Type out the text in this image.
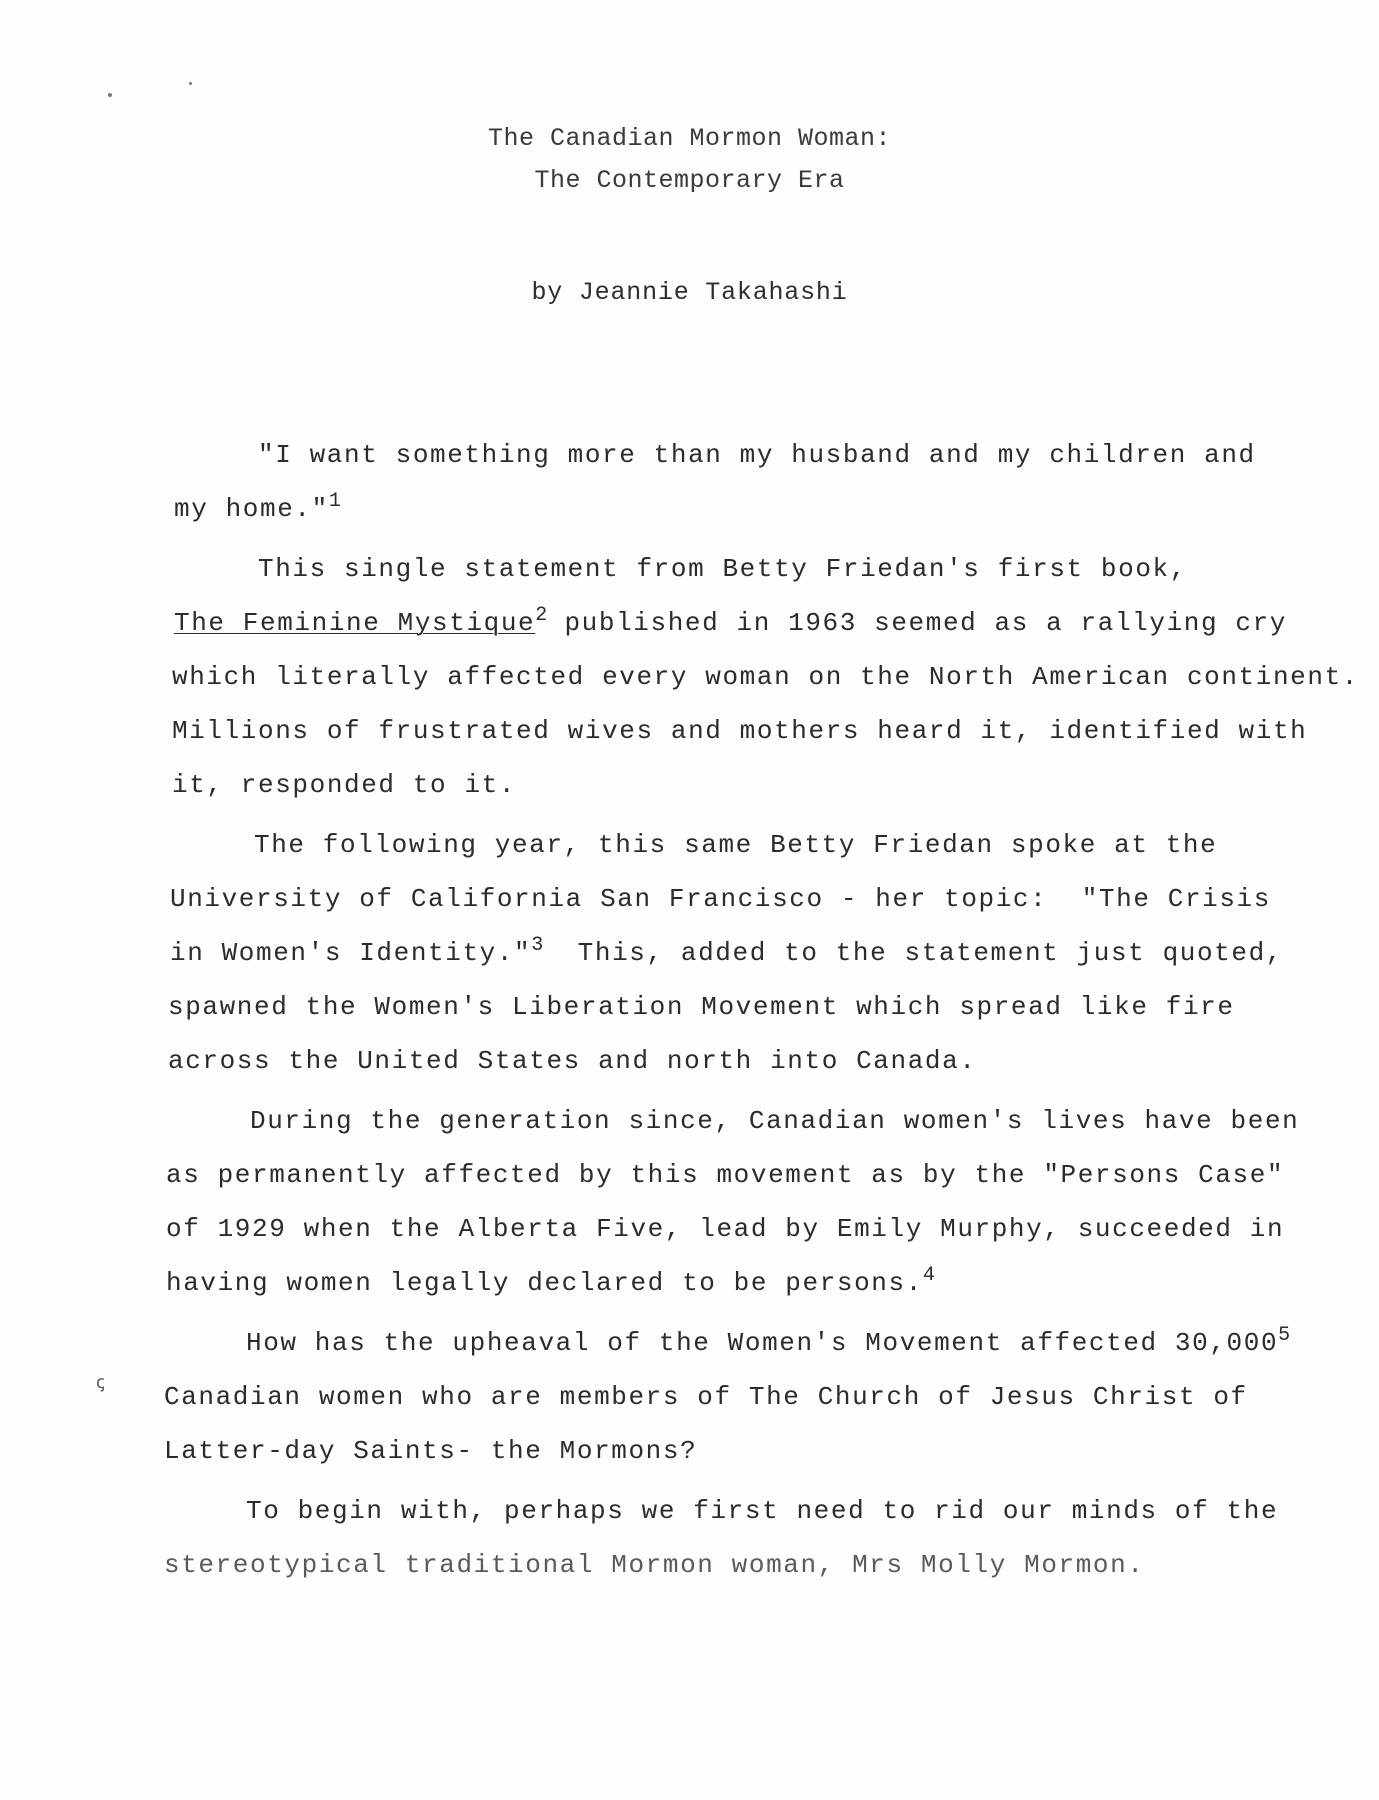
ꞔ
The Canadian Mormon Woman:
The Contemporary Era
by Jeannie Takahashi
"I want something more than my husband and my children and
my home."$^1$
This single statement from Betty Friedan's first book,
The Feminine Mystique$^2$ published in 1963 seemed as a rallying cry
which literally affected every woman on the North American continent.
Millions of frustrated wives and mothers heard it, identified with
it, responded to it.
The following year, this same Betty Friedan spoke at the
University of California San Francisco - her topic:  "The Crisis
in Women's Identity."$^3$  This, added to the statement just quoted,
spawned the Women's Liberation Movement which spread like fire
across the United States and north into Canada.
During the generation since, Canadian women's lives have been
as permanently affected by this movement as by the "Persons Case"
of 1929 when the Alberta Five, lead by Emily Murphy, succeeded in
having women legally declared to be persons.$^4$
How has the upheaval of the Women's Movement affected 30,000$^5$
Canadian women who are members of The Church of Jesus Christ of
Latter-day Saints- the Mormons?
To begin with, perhaps we first need to rid our minds of the
stereotypical traditional Mormon woman, Mrs Molly Mormon.
